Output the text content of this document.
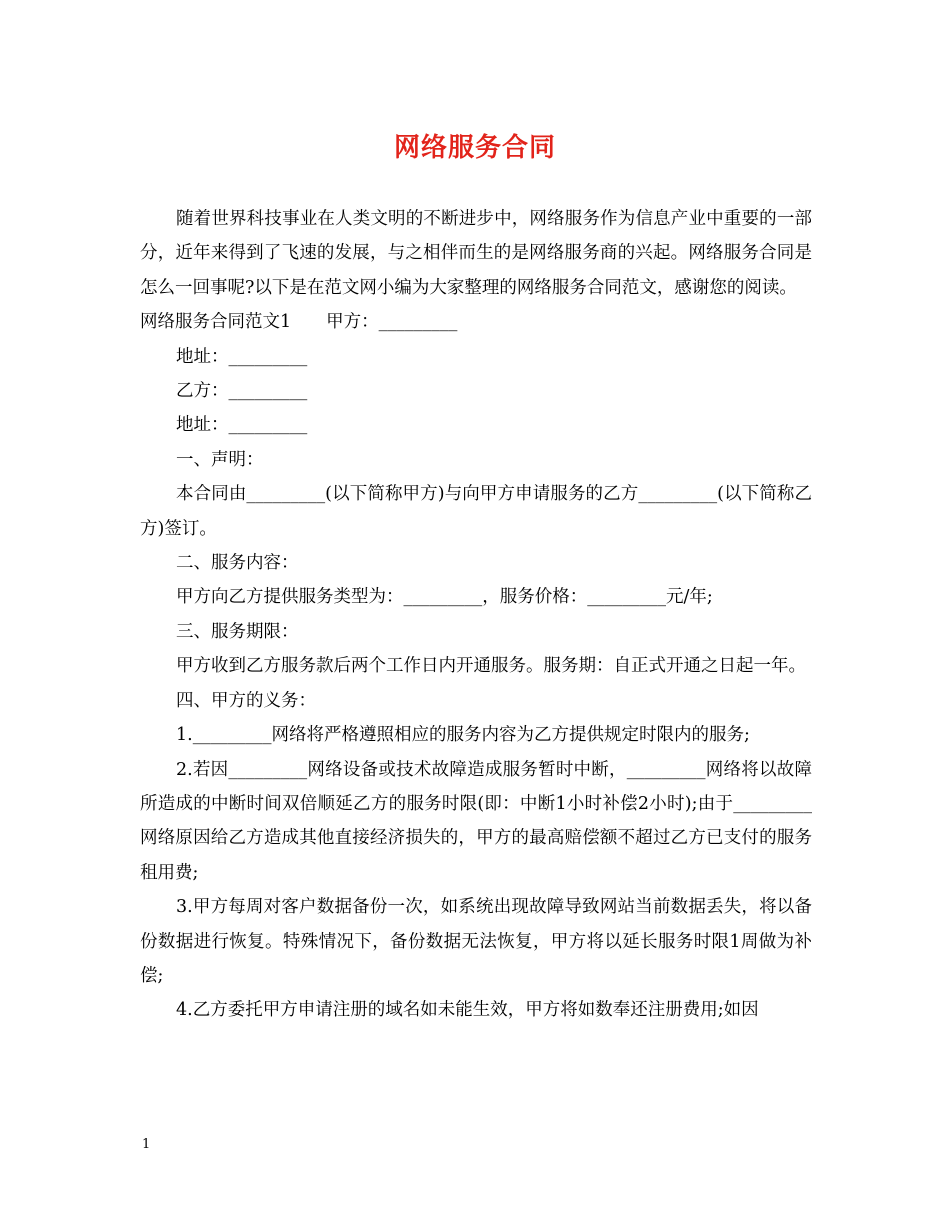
网络服务合同

随着世界科技事业在人类文明的不断进步中，网络服务作为信息产业中重要的一部分，近年来得到了飞速的发展，与之相伴而生的是网络服务商的兴起。网络服务合同是怎么一回事呢?以下是在范文网小编为大家整理的网络服务合同范文，感谢您的阅读。

网络服务合同范文1　　甲方：_________

地址：_________

乙方：_________

地址：_________

一、声明：

本合同由_________(以下简称甲方)与向甲方申请服务的乙方_________(以下简称乙方)签订。

二、服务内容：

甲方向乙方提供服务类型为：_________，服务价格：_________元/年;

三、服务期限：

甲方收到乙方服务款后两个工作日内开通服务。服务期：自正式开通之日起一年。

四、甲方的义务：

1._________网络将严格遵照相应的服务内容为乙方提供规定时限内的服务;

2.若因_________网络设备或技术故障造成服务暂时中断，_________网络将以故障所造成的中断时间双倍顺延乙方的服务时限(即：中断1小时补偿2小时);由于_________网络原因给乙方造成其他直接经济损失的，甲方的最高赔偿额不超过乙方已支付的服务租用费;

3.甲方每周对客户数据备份一次，如系统出现故障导致网站当前数据丢失，将以备份数据进行恢复。特殊情况下，备份数据无法恢复，甲方将以延长服务时限1周做为补偿;

4.乙方委托甲方申请注册的域名如未能生效，甲方将如数奉还注册费用;如因

1
